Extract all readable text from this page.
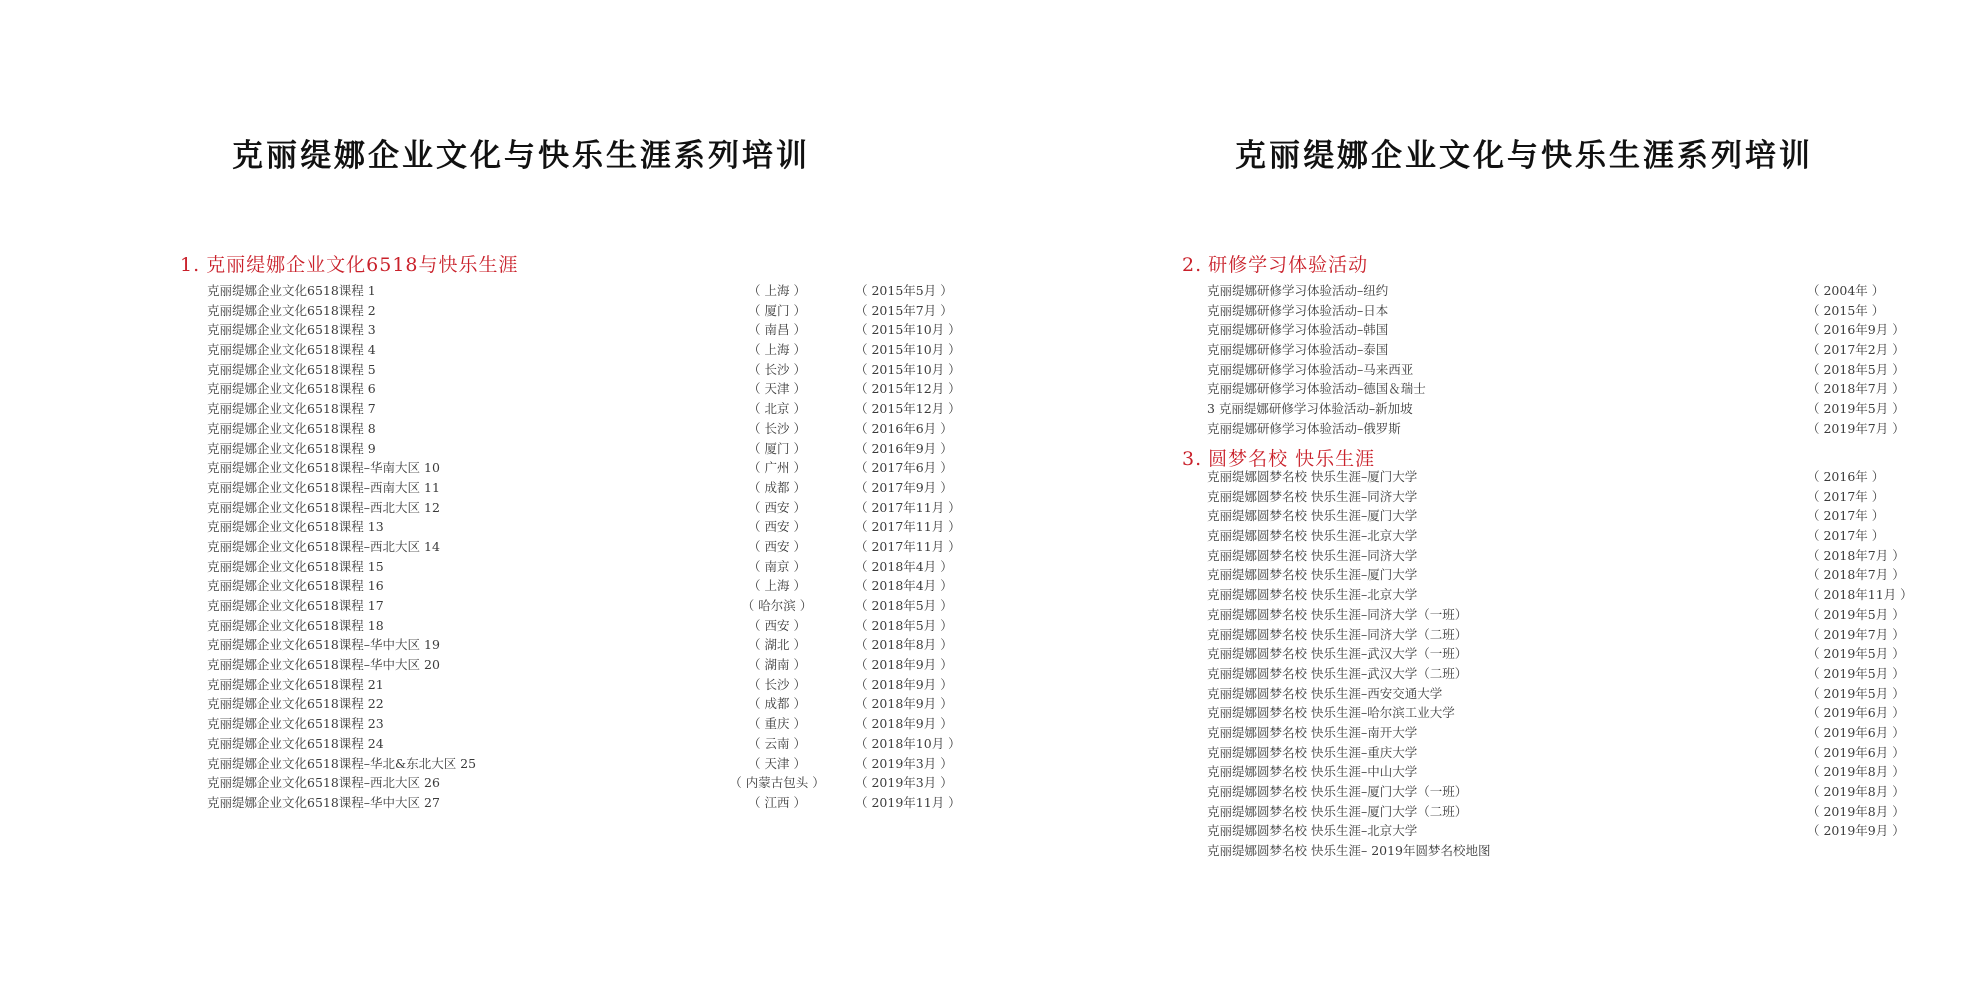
克丽缇娜企业文化与快乐生涯系列培训
1. 克丽缇娜企业文化6518与快乐生涯
克丽缇娜企业文化6518课程 1	（ 上海 ）	（ 2015年5月 ）
克丽缇娜企业文化6518课程 2	（ 厦门 ）	（ 2015年7月 ）
克丽缇娜企业文化6518课程 3	（ 南昌 ）	（ 2015年10月 ）
克丽缇娜企业文化6518课程 4	（ 上海 ）	（ 2015年10月 ）
克丽缇娜企业文化6518课程 5	（ 长沙 ）	（ 2015年10月 ）
克丽缇娜企业文化6518课程 6	（ 天津 ）	（ 2015年12月 ）
克丽缇娜企业文化6518课程 7	（ 北京 ）	（ 2015年12月 ）
克丽缇娜企业文化6518课程 8	（ 长沙 ）	（ 2016年6月 ）
克丽缇娜企业文化6518课程 9	（ 厦门 ）	（ 2016年9月 ）
克丽缇娜企业文化6518课程–华南大区 10	（ 广州 ）	（ 2017年6月 ）
克丽缇娜企业文化6518课程–西南大区 11	（ 成都 ）	（ 2017年9月 ）
克丽缇娜企业文化6518课程–西北大区 12	（ 西安 ）	（ 2017年11月 ）
克丽缇娜企业文化6518课程 13	（ 西安 ）	（ 2017年11月 ）
克丽缇娜企业文化6518课程–西北大区 14	（ 西安 ）	（ 2017年11月 ）
克丽缇娜企业文化6518课程 15	（ 南京 ）	（ 2018年4月 ）
克丽缇娜企业文化6518课程 16	（ 上海 ）	（ 2018年4月 ）
克丽缇娜企业文化6518课程 17	（ 哈尔滨 ）	（ 2018年5月 ）
克丽缇娜企业文化6518课程 18	（ 西安 ）	（ 2018年5月 ）
克丽缇娜企业文化6518课程–华中大区 19	（ 湖北 ）	（ 2018年8月 ）
克丽缇娜企业文化6518课程–华中大区 20	（ 湖南 ）	（ 2018年9月 ）
克丽缇娜企业文化6518课程 21	（ 长沙 ）	（ 2018年9月 ）
克丽缇娜企业文化6518课程 22	（ 成都 ）	（ 2018年9月 ）
克丽缇娜企业文化6518课程 23	（ 重庆 ）	（ 2018年9月 ）
克丽缇娜企业文化6518课程 24	（ 云南 ）	（ 2018年10月 ）
克丽缇娜企业文化6518课程–华北&东北大区 25	（ 天津 ）	（ 2019年3月 ）
克丽缇娜企业文化6518课程–西北大区 26	（ 内蒙古包头 ）	（ 2019年3月 ）
克丽缇娜企业文化6518课程–华中大区 27	（ 江西 ）	（ 2019年11月 ）
克丽缇娜企业文化与快乐生涯系列培训
2. 研修学习体验活动
克丽缇娜研修学习体验活动–纽约	（ 2004年 ）
克丽缇娜研修学习体验活动–日本	（ 2015年 ）
克丽缇娜研修学习体验活动–韩国	（ 2016年9月 ）
克丽缇娜研修学习体验活动–泰国	（ 2017年2月 ）
克丽缇娜研修学习体验活动–马来西亚	（ 2018年5月 ）
克丽缇娜研修学习体验活动–德国＆瑞士	（ 2018年7月 ）
3 克丽缇娜研修学习体验活动–新加坡	（ 2019年5月 ）
克丽缇娜研修学习体验活动–俄罗斯	（ 2019年7月 ）
3. 圆梦名校 快乐生涯
克丽缇娜圆梦名校 快乐生涯–厦门大学	（ 2016年 ）
克丽缇娜圆梦名校 快乐生涯–同济大学	（ 2017年 ）
克丽缇娜圆梦名校 快乐生涯–厦门大学	（ 2017年 ）
克丽缇娜圆梦名校 快乐生涯–北京大学	（ 2017年 ）
克丽缇娜圆梦名校 快乐生涯–同济大学	（ 2018年7月 ）
克丽缇娜圆梦名校 快乐生涯–厦门大学	（ 2018年7月 ）
克丽缇娜圆梦名校 快乐生涯–北京大学	（ 2018年11月 ）
克丽缇娜圆梦名校 快乐生涯–同济大学（一班）	（ 2019年5月 ）
克丽缇娜圆梦名校 快乐生涯–同济大学（二班）	（ 2019年7月 ）
克丽缇娜圆梦名校 快乐生涯–武汉大学（一班）	（ 2019年5月 ）
克丽缇娜圆梦名校 快乐生涯–武汉大学（二班）	（ 2019年5月 ）
克丽缇娜圆梦名校 快乐生涯–西安交通大学	（ 2019年5月 ）
克丽缇娜圆梦名校 快乐生涯–哈尔滨工业大学	（ 2019年6月 ）
克丽缇娜圆梦名校 快乐生涯–南开大学	（ 2019年6月 ）
克丽缇娜圆梦名校 快乐生涯–重庆大学	（ 2019年6月 ）
克丽缇娜圆梦名校 快乐生涯–中山大学	（ 2019年8月 ）
克丽缇娜圆梦名校 快乐生涯–厦门大学（一班）	（ 2019年8月 ）
克丽缇娜圆梦名校 快乐生涯–厦门大学（二班）	（ 2019年8月 ）
克丽缇娜圆梦名校 快乐生涯–北京大学	（ 2019年9月 ）
克丽缇娜圆梦名校 快乐生涯– 2019年圆梦名校地图
